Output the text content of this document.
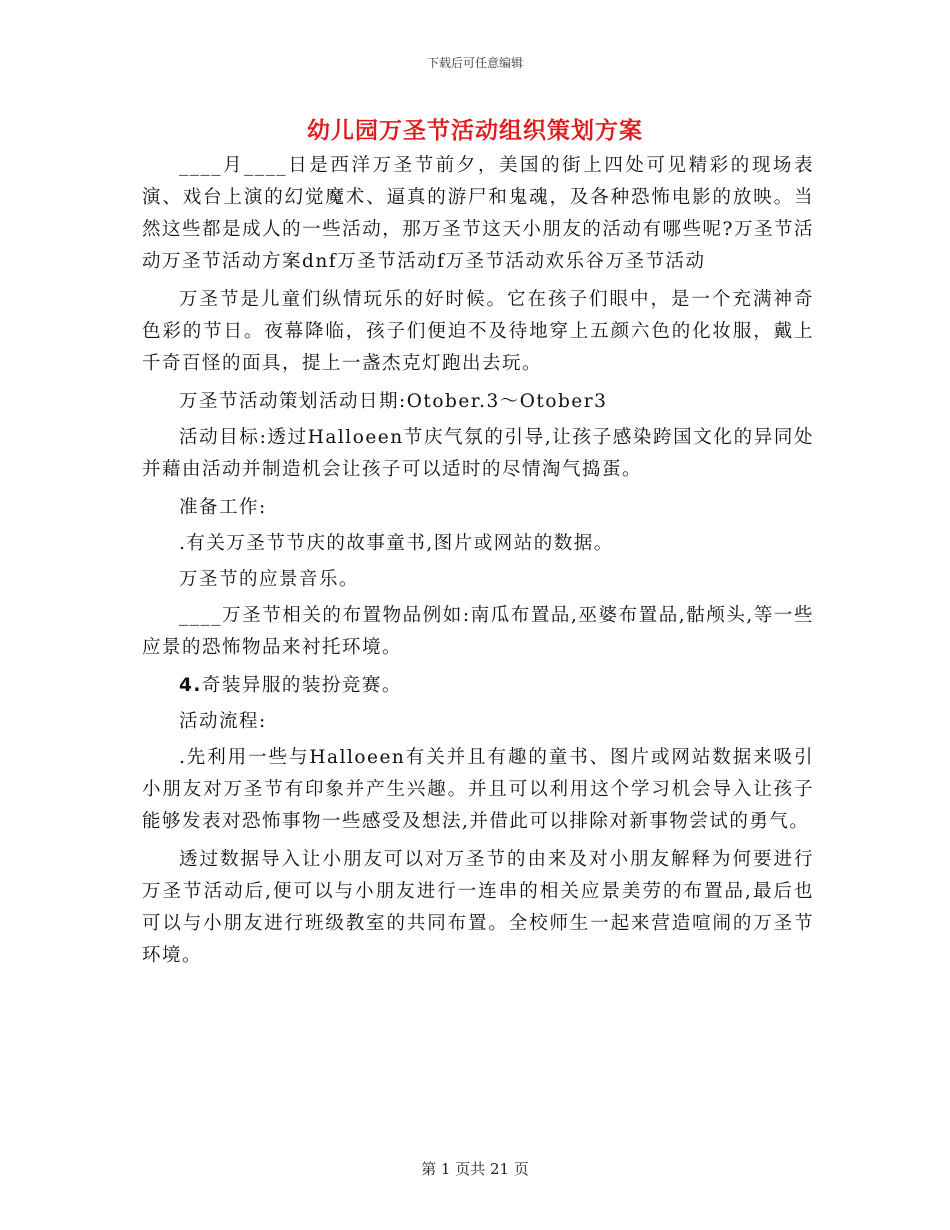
下载后可任意编辑
幼儿园万圣节活动组织策划方案

____月____日是西洋万圣节前夕，美国的街上四处可见精彩的现场表演、戏台上演的幻觉魔术、逼真的游尸和鬼魂，及各种恐怖电影的放映。当然这些都是成人的一些活动，那万圣节这天小朋友的活动有哪些呢?万圣节活动万圣节活动方案dnf万圣节活动f万圣节活动欢乐谷万圣节活动

万圣节是儿童们纵情玩乐的好时候。它在孩子们眼中，是一个充满神奇色彩的节日。夜幕降临，孩子们便迫不及待地穿上五颜六色的化妆服，戴上千奇百怪的面具，提上一盏杰克灯跑出去玩。

万圣节活动策划活动日期:Otober.3～Otober3

活动目标:透过Halloeen节庆气氛的引导,让孩子感染跨国文化的异同处并藉由活动并制造机会让孩子可以适时的尽情淘气捣蛋。

准备工作:

.有关万圣节节庆的故事童书,图片或网站的数据。

万圣节的应景音乐。

____万圣节相关的布置物品例如:南瓜布置品,巫婆布置品,骷颅头,等一些应景的恐怖物品来衬托环境。

4.奇装异服的装扮竞赛。

活动流程:

.先利用一些与Halloeen有关并且有趣的童书、图片或网站数据来吸引小朋友对万圣节有印象并产生兴趣。并且可以利用这个学习机会导入让孩子能够发表对恐怖事物一些感受及想法,并借此可以排除对新事物尝试的勇气。

透过数据导入让小朋友可以对万圣节的由来及对小朋友解释为何要进行万圣节活动后,便可以与小朋友进行一连串的相关应景美劳的布置品,最后也可以与小朋友进行班级教室的共同布置。全校师生一起来营造喧闹的万圣节环境。

第 1 页共 21 页
